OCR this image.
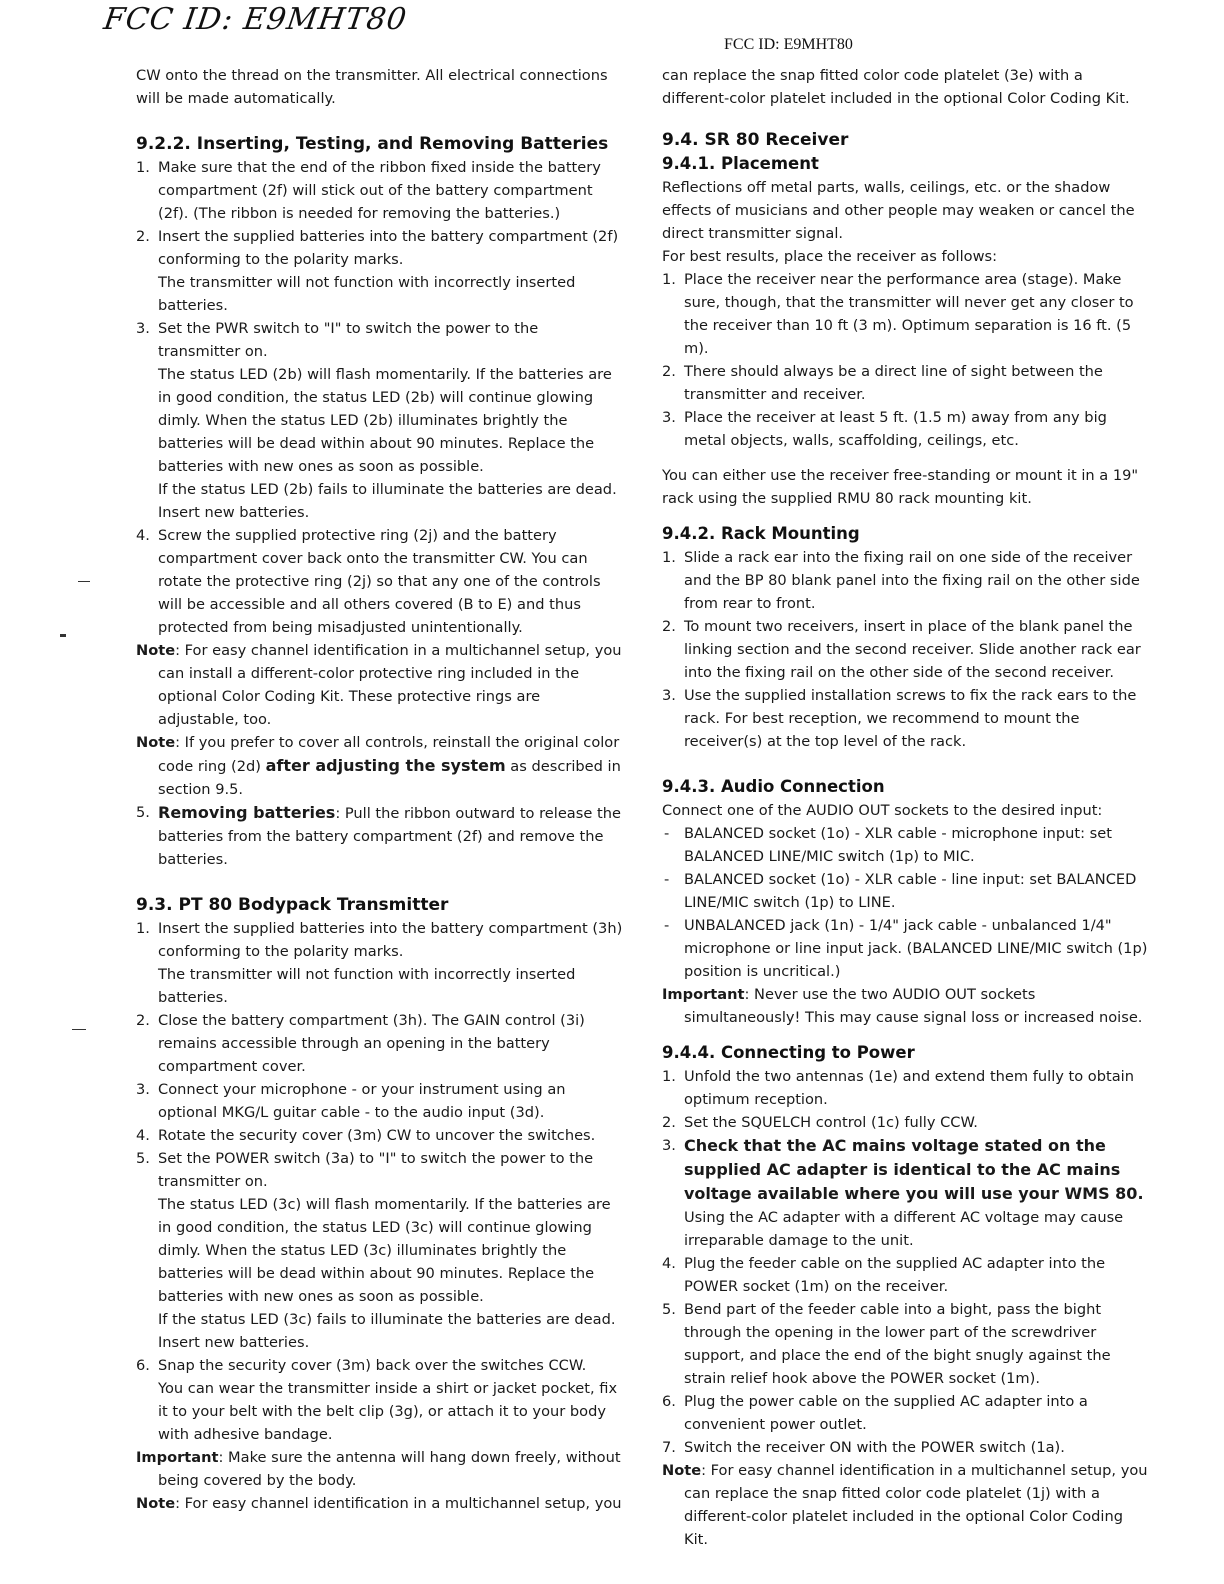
FCC ID: E9MHT80
FCC ID: E9MHT80

CW onto the thread on the transmitter. All electrical connections will be made automatically.

9.2.2. Inserting, Testing, and Removing Batteries
1. Make sure that the end of the ribbon fixed inside the battery compartment (2f) will stick out of the battery compartment (2f). (The ribbon is needed for removing the batteries.)
2. Insert the supplied batteries into the battery compartment (2f) conforming to the polarity marks.

The transmitter will not function with incorrectly inserted batteries.

3. Set the PWR switch to "I" to switch the power to the transmitter on.

The status LED (2b) will flash momentarily. If the batteries are in good condition, the status LED (2b) will continue glowing dimly. When the status LED (2b) illuminates brightly the batteries will be dead within about 90 minutes. Replace the batteries with new ones as soon as possible.

If the status LED (2b) fails to illuminate the batteries are dead. Insert new batteries.

4. Screw the supplied protective ring (2j) and the battery compartment cover back onto the transmitter CW. You can rotate the protective ring (2j) so that any one of the controls will be accessible and all others covered (B to E) and thus protected from being misadjusted unintentionally.

Note: For easy channel identification in a multichannel setup, you can install a different-color protective ring included in the optional Color Coding Kit. These protective rings are adjustable, too.

Note: If you prefer to cover all controls, reinstall the original color code ring (2d) after adjusting the system as described in section 9.5.

5. Removing batteries: Pull the ribbon outward to release the batteries from the battery compartment (2f) and remove the batteries.
9.3. PT 80 Bodypack Transmitter
1. Insert the supplied batteries into the battery compartment (3h) conforming to the polarity marks.

The transmitter will not function with incorrectly inserted batteries.

2. Close the battery compartment (3h). The GAIN control (3i) remains accessible through an opening in the battery compartment cover.
3. Connect your microphone - or your instrument using an optional MKG/L guitar cable - to the audio input (3d).
4. Rotate the security cover (3m) CW to uncover the switches.
5. Set the POWER switch (3a) to "I" to switch the power to the transmitter on.

The status LED (3c) will flash momentarily. If the batteries are in good condition, the status LED (3c) will continue glowing dimly. When the status LED (3c) illuminates brightly the batteries will be dead within about 90 minutes. Replace the batteries with new ones as soon as possible.

If the status LED (3c) fails to illuminate the batteries are dead. Insert new batteries.

6. Snap the security cover (3m) back over the switches CCW.

You can wear the transmitter inside a shirt or jacket pocket, fix it to your belt with the belt clip (3g), or attach it to your body with adhesive bandage.

Important: Make sure the antenna will hang down freely, without being covered by the body.

Note: For easy channel identification in a multichannel setup, you

can replace the snap fitted color code platelet (3e) with a different-color platelet included in the optional Color Coding Kit.

9.4. SR 80 Receiver
9.4.1. Placement

Reflections off metal parts, walls, ceilings, etc. or the shadow effects of musicians and other people may weaken or cancel the direct transmitter signal.

For best results, place the receiver as follows:

1. Place the receiver near the performance area (stage). Make sure, though, that the transmitter will never get any closer to the receiver than 10 ft (3 m). Optimum separation is 16 ft. (5 m).
2. There should always be a direct line of sight between the transmitter and receiver.
3. Place the receiver at least 5 ft. (1.5 m) away from any big metal objects, walls, scaffolding, ceilings, etc.

You can either use the receiver free-standing or mount it in a 19" rack using the supplied RMU 80 rack mounting kit.

9.4.2. Rack Mounting
1. Slide a rack ear into the fixing rail on one side of the receiver and the BP 80 blank panel into the fixing rail on the other side from rear to front.
2. To mount two receivers, insert in place of the blank panel the linking section and the second receiver. Slide another rack ear into the fixing rail on the other side of the second receiver.
3. Use the supplied installation screws to fix the rack ears to the rack. For best reception, we recommend to mount the receiver(s) at the top level of the rack.
9.4.3. Audio Connection

Connect one of the AUDIO OUT sockets to the desired input:

- BALANCED socket (1o) - XLR cable - microphone input: set BALANCED LINE/MIC switch (1p) to MIC.
- BALANCED socket (1o) - XLR cable - line input: set BALANCED LINE/MIC switch (1p) to LINE.
- UNBALANCED jack (1n) - 1/4" jack cable - unbalanced 1/4" microphone or line input jack. (BALANCED LINE/MIC switch (1p) position is uncritical.)

Important: Never use the two AUDIO OUT sockets simultaneously! This may cause signal loss or increased noise.

9.4.4. Connecting to Power
1. Unfold the two antennas (1e) and extend them fully to obtain optimum reception.
2. Set the SQUELCH control (1c) fully CCW.
3. Check that the AC mains voltage stated on the supplied AC adapter is identical to the AC mains voltage available where you will use your WMS 80.

Using the AC adapter with a different AC voltage may cause irreparable damage to the unit.

4. Plug the feeder cable on the supplied AC adapter into the POWER socket (1m) on the receiver.
5. Bend part of the feeder cable into a bight, pass the bight through the opening in the lower part of the screwdriver support, and place the end of the bight snugly against the strain relief hook above the POWER socket (1m).
6. Plug the power cable on the supplied AC adapter into a convenient power outlet.
7. Switch the receiver ON with the POWER switch (1a).

Note: For easy channel identification in a multichannel setup, you can replace the snap fitted color code platelet (1j) with a different-color platelet included in the optional Color Coding Kit.
